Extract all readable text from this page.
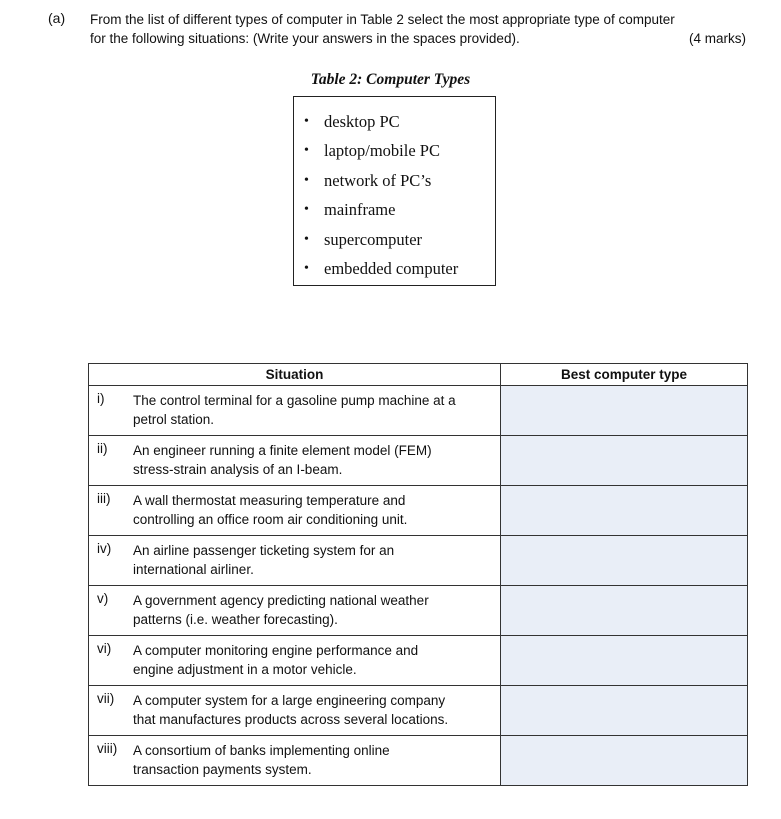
(a) From the list of different types of computer in Table 2 select the most appropriate type of computer
for the following situations: (Write your answers in the spaces provided).	(4 marks)
Table 2: Computer Types
• desktop PC
• laptop/mobile PC
• network of PC’s
• mainframe
• supercomputer
• embedded computer
Situation	Best computer type
i) The control terminal for a gasoline pump machine at a
petrol station.	
ii) An engineer running a finite element model (FEM)
stress-strain analysis of an I-beam.	
iii) A wall thermostat measuring temperature and
controlling an office room air conditioning unit.	
iv) An airline passenger ticketing system for an
international airliner.	
v) A government agency predicting national weather
patterns (i.e. weather forecasting).	
vi) A computer monitoring engine performance and
engine adjustment in a motor vehicle.	
vii) A computer system for a large engineering company
that manufactures products across several locations.	
viii) A consortium of banks implementing online
transaction payments system.	
